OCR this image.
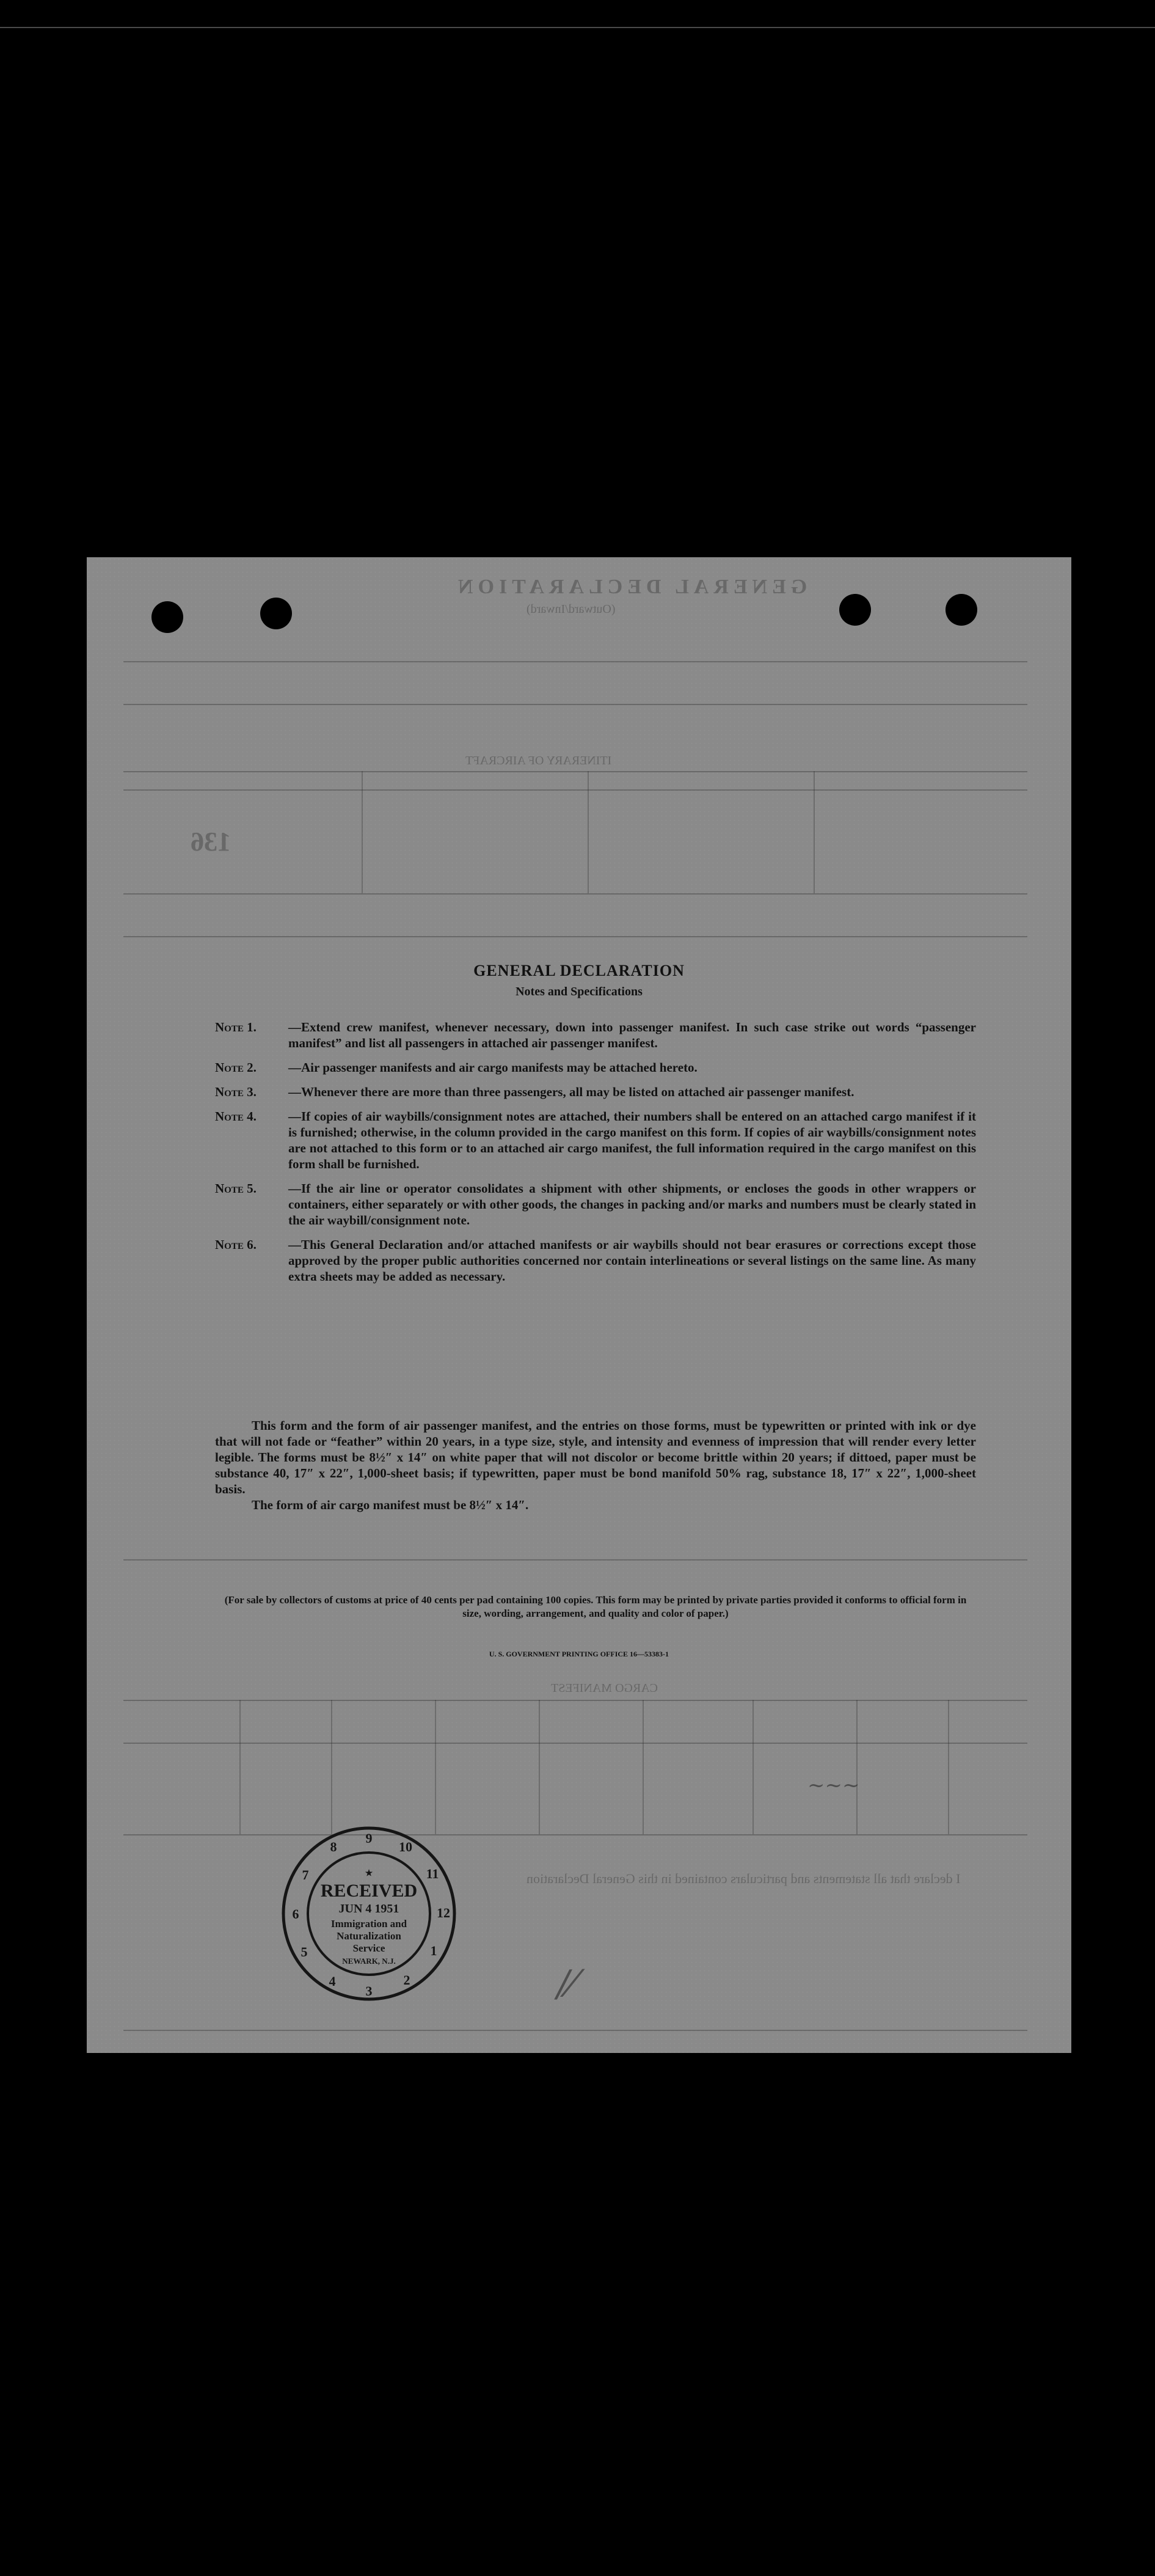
GENERAL DECLARATION
(Outward/Inward)
ITINERARY OF AIRCRAFT
136
CARGO MANIFEST
I declare that all statements and particulars contained in this General Declaration
~~~
/⁄
GENERAL DECLARATION
Notes and Specifications
Note 1.	—Extend crew manifest, whenever necessary, down into passenger manifest. In such case strike out words “passenger manifest” and list all passengers in attached air passenger manifest.
Note 2.	—Air passenger manifests and air cargo manifests may be attached hereto.
Note 3.	—Whenever there are more than three passengers, all may be listed on attached air passenger manifest.
Note 4.	—If copies of air waybills/consignment notes are attached, their numbers shall be entered on an attached cargo manifest if it is furnished; otherwise, in the column provided in the cargo manifest on this form. If copies of air waybills/consignment notes are not attached to this form or to an attached air cargo manifest, the full information required in the cargo manifest on this form shall be furnished.
Note 5.	—If the air line or operator consolidates a shipment with other shipments, or encloses the goods in other wrappers or containers, either separately or with other goods, the changes in packing and/or marks and numbers must be clearly stated in the air waybill/consignment note.
Note 6.	—This General Declaration and/or attached manifests or air waybills should not bear erasures or corrections except those approved by the proper public authorities concerned nor contain interlineations or several listings on the same line. As many extra sheets may be added as necessary.
This form and the form of air passenger manifest, and the entries on those forms, must be typewritten or printed with ink or dye that will not fade or “feather” within 20 years, in a type size, style, and intensity and evenness of impression that will render every letter legible. The forms must be 8½″ x 14″ on white paper that will not discolor or become brittle within 20 years; if dittoed, paper must be substance 40, 17″ x 22″, 1,000-sheet basis; if typewritten, paper must be bond manifold 50% rag, substance 18, 17″ x 22″, 1,000-sheet basis.
The form of air cargo manifest must be 8½″ x 14″.
(For sale by collectors of customs at price of 40 cents per pad containing 100 copies. This form may be printed by private parties provided it conforms to official form in size, wording, arrangement, and quality and color of paper.)
U. S. GOVERNMENT PRINTING OFFICE 16—53383-1
9
10
11
12
1
2
3
4
5
6
7
8
★
RECEIVED
JUN 4 1951
Immigration and
Naturalization
Service
NEWARK, N.J.
